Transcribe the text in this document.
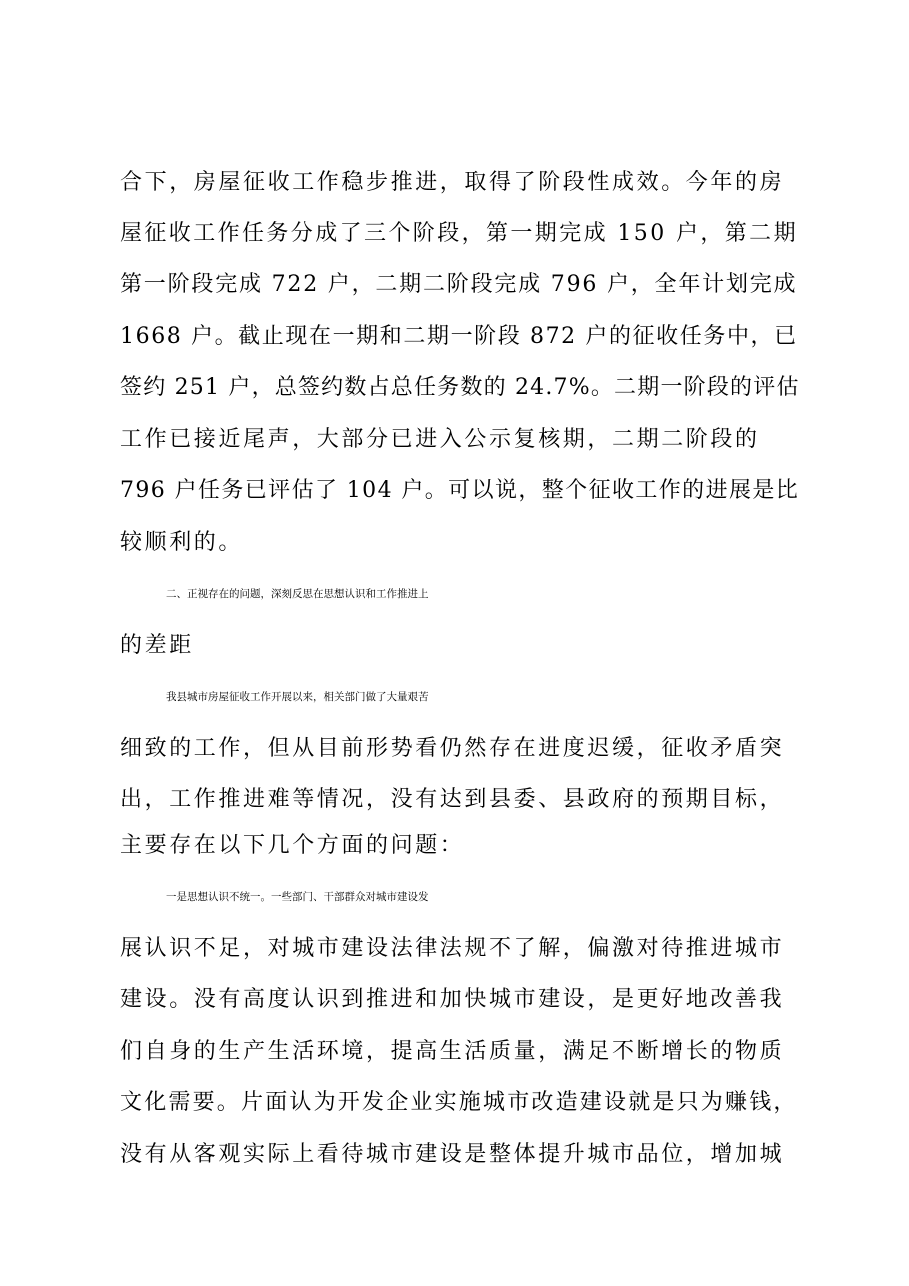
合下，房屋征收工作稳步推进，取得了阶段性成效。今年的房
屋征收工作任务分成了三个阶段，第一期完成 150 户，第二期
第一阶段完成 722 户，二期二阶段完成 796 户，全年计划完成
1668 户。截止现在一期和二期一阶段 872 户的征收任务中，已
签约 251 户，总签约数占总任务数的 24.7%。二期一阶段的评估
工作已接近尾声，大部分已进入公示复核期，二期二阶段的
796 户任务已评估了 104 户。可以说，整个征收工作的进展是比
较顺利的。
二、正视存在的问题，深刻反思在思想认识和工作推进上
的差距
我县城市房屋征收工作开展以来，相关部门做了大量艰苦
细致的工作，但从目前形势看仍然存在进度迟缓，征收矛盾突
出，工作推进难等情况，没有达到县委、县政府的预期目标，
主要存在以下几个方面的问题：
一是思想认识不统一。一些部门、干部群众对城市建设发
展认识不足，对城市建设法律法规不了解，偏激对待推进城市
建设。没有高度认识到推进和加快城市建设，是更好地改善我
们自身的生产生活环境，提高生活质量，满足不断增长的物质
文化需要。片面认为开发企业实施城市改造建设就是只为赚钱，
没有从客观实际上看待城市建设是整体提升城市品位，增加城
